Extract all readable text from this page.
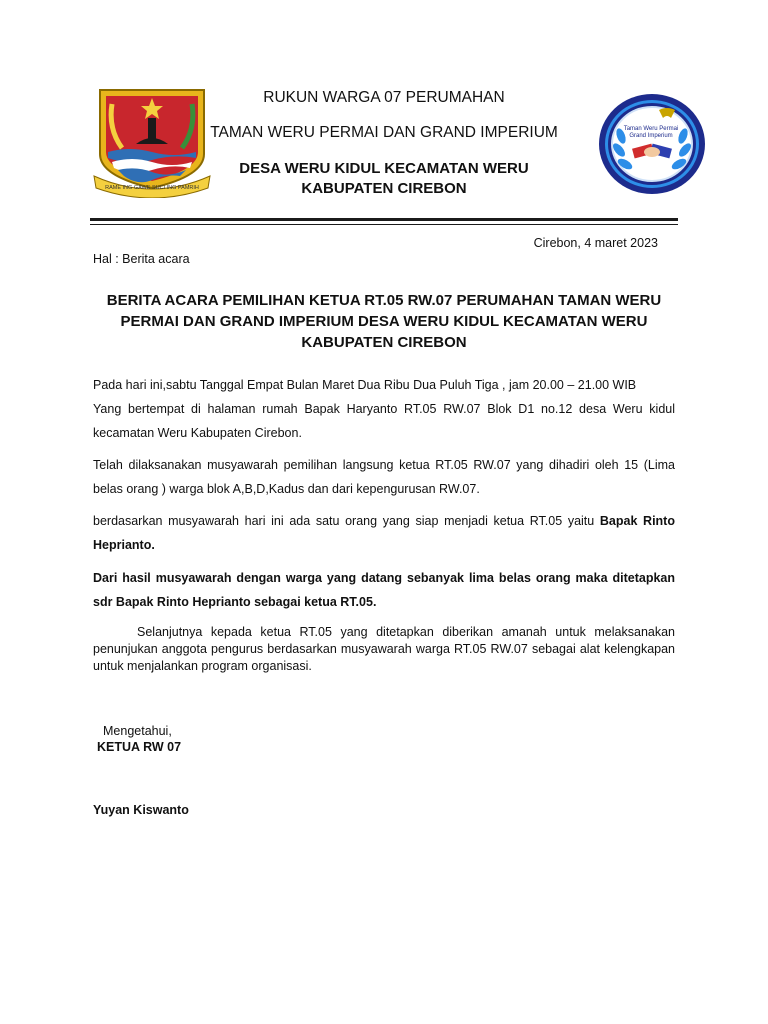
RAME ING GAWE SUCI ING PAMRIH
Taman Weru Permai
Grand Imperium
RUKUN WARGA 07 PERUMAHAN
TAMAN WERU PERMAI DAN GRAND IMPERIUM
DESA WERU KIDUL KECAMATAN WERU
KABUPATEN CIREBON
Cirebon, 4 maret 2023
Hal : Berita acara
BERITA ACARA PEMILIHAN KETUA RT.05 RW.07 PERUMAHAN TAMAN WERU PERMAI DAN GRAND IMPERIUM DESA WERU KIDUL KECAMATAN WERU KABUPATEN CIREBON
Pada hari ini,sabtu Tanggal Empat Bulan Maret Dua Ribu Dua Puluh Tiga , jam 20.00 – 21.00 WIB
Yang bertempat di halaman rumah Bapak Haryanto RT.05 RW.07 Blok D1 no.12 desa Weru kidul kecamatan Weru Kabupaten Cirebon.
Telah dilaksanakan musyawarah pemilihan langsung ketua RT.05 RW.07 yang dihadiri oleh 15 (Lima belas orang ) warga blok A,B,D,Kadus dan dari kepengurusan RW.07.
berdasarkan musyawarah hari ini ada satu orang yang siap menjadi ketua RT.05 yaitu Bapak Rinto Heprianto.
Dari hasil musyawarah dengan warga yang datang sebanyak lima belas orang maka ditetapkan sdr Bapak Rinto Heprianto sebagai ketua RT.05.
Selanjutnya kepada ketua RT.05 yang ditetapkan diberikan amanah untuk melaksanakan penunjukan anggota pengurus berdasarkan musyawarah warga RT.05 RW.07 sebagai alat kelengkapan untuk menjalankan program organisasi.
Mengetahui,
KETUA RW 07
Yuyan Kiswanto
